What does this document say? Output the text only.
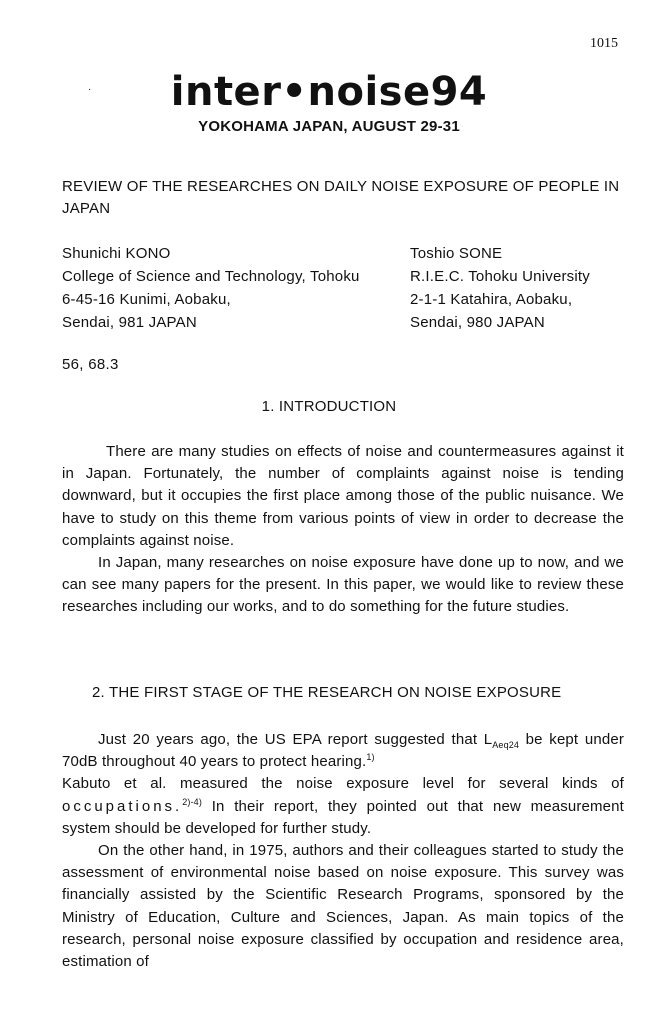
1015
·	inter•noise94
YOKOHAMA JAPAN, AUGUST 29-31
REVIEW OF THE RESEARCHES ON DAILY NOISE EXPOSURE OF PEOPLE IN JAPAN
Shunichi KONO
College of Science and Technology, Tohoku
6-45-16 Kunimi, Aobaku,
Sendai, 981 JAPAN
Toshio SONE
R.I.E.C. Tohoku University
2-1-1 Katahira, Aobaku,
Sendai, 980 JAPAN
56, 68.3
1. INTRODUCTION
There are many studies on effects of noise and countermeasures against it in Japan. Fortunately, the number of complaints against noise is tending downward, but it occupies the first place among those of the public nuisance. We have to study on this theme from various points of view in order to decrease the complaints against noise.
In Japan, many researches on noise exposure have done up to now, and we can see many papers for the present. In this paper, we would like to review these researches including our works, and to do something for the future studies.
2. THE FIRST STAGE OF THE RESEARCH ON NOISE EXPOSURE
Just 20 years ago, the US EPA report suggested that $L_{Aeq24}$ be kept under 70dB throughout 40 years to protect hearing.$^{1)}$
Kabuto et al. measured the noise exposure level for several kinds of occupations.$^{2)-4)}$ In their report, they pointed out that new measurement system should be developed for further study.
On the other hand, in 1975, authors and their colleagues started to study the assessment of environmental noise based on noise exposure. This survey was financially assisted by the Scientific Research Programs, sponsored by the Ministry of Education, Culture and Sciences, Japan. As main topics of the research, personal noise exposure classified by occupation and residence area, estimation of
